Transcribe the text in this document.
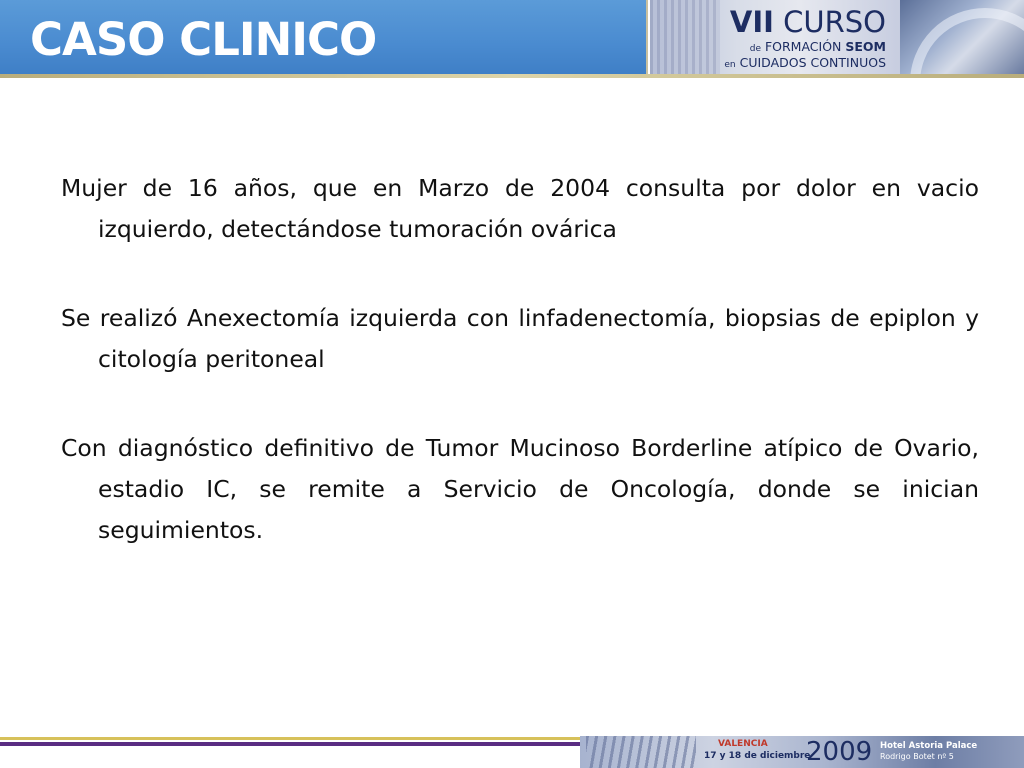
CASO CLINICO	VII CURSO
de FORMACIÓN SEOM
en CUIDADOS CONTINUOS

Mujer de 16 años, que en Marzo de 2004 consulta por dolor en vacio izquierdo, detectándose tumoración ovárica

Se realizó Anexectomía izquierda con linfadenectomía, biopsias de epiplon y citología peritoneal

Con diagnóstico definitivo de Tumor Mucinoso Borderline atípico de Ovario, estadio IC, se remite a Servicio de Oncología, donde se inician seguimientos.

VALENCIA
17 y 18 de diciembre
2009 Hotel Astoria Palace
Rodrigo Botet nº 5
